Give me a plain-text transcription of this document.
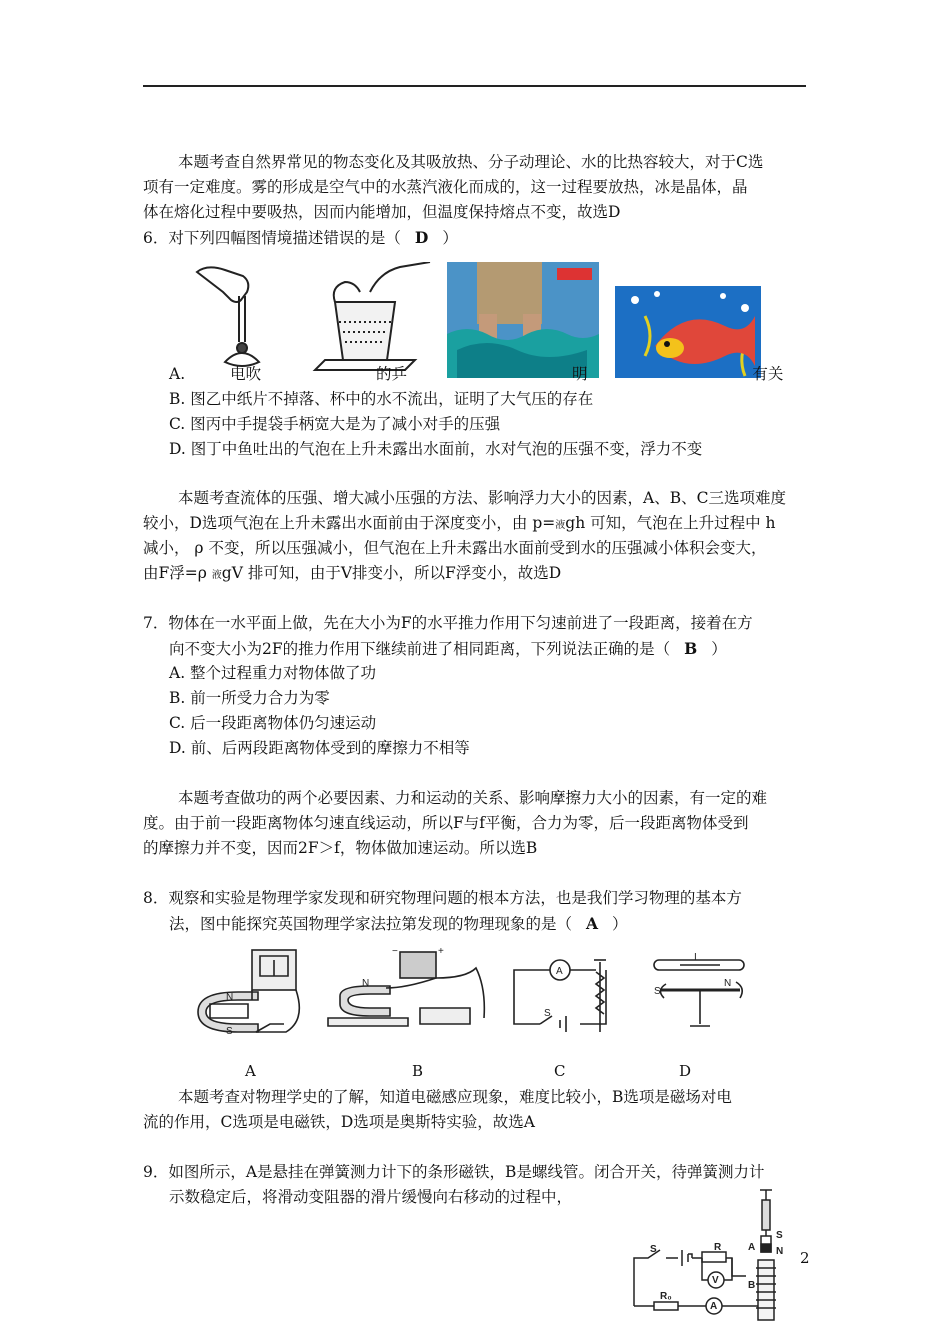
本题考查自然界常见的物态变化及其吸放热、分子动理论、水的比热容较大，对于C选
项有一定难度。雾的形成是空气中的水蒸汽液化而成的，这一过程要放热，冰是晶体，晶
体在熔化过程中要吸热，因而内能增加，但温度保持熔点不变，故选D
6．对下列四幅图情境描述错误的是（ D ）
A.	电吹	的乒	明	有关
B. 图乙中纸片不掉落、杯中的水不流出，证明了大气压的存在
C. 图丙中手提袋手柄宽大是为了减小对手的压强
D. 图丁中鱼吐出的气泡在上升未露出水面前，水对气泡的压强不变，浮力不变
本题考查流体的压强、增大减小压强的方法、影响浮力大小的因素，A、B、C三选项难度
较小，D选项气泡在上升未露出水面前由于深度变小，由 p=液gh 可知，气泡在上升过程中 h
减小， ρ 不变，所以压强减小，但气泡在上升未露出水面前受到水的压强减小体积会变大，
由F浮=ρ 液gV 排可知，由于V排变小，所以F浮变小，故选D
7．物体在一水平面上做，先在大小为F的水平推力作用下匀速前进了一段距离，接着在方
向不变大小为2F的推力作用下继续前进了相同距离，下列说法正确的是（ B ）
A. 整个过程重力对物体做了功
B. 前一所受力合力为零
C. 后一段距离物体仍匀速运动
D. 前、后两段距离物体受到的摩擦力不相等
本题考查做功的两个必要因素、力和运动的关系、影响摩擦力大小的因素，有一定的难
度。由于前一段距离物体匀速直线运动，所以F与f平衡，合力为零，后一段距离物体受到
的摩擦力并不变，因而2F＞f，物体做加速运动。所以选B
8．观察和实验是物理学家发现和研究物理问题的根本方法，也是我们学习物理的基本方
法，图中能探究英国物理学家法拉第发现的物理现象的是（ A ）
N
S
−	+
N
A
S
I
S
N
A	B	C	D
本题考查对物理学史的了解，知道电磁感应现象，难度比较小，B选项是磁场对电
流的作用，C选项是电磁铁，D选项是奥斯特实验，故选A
9．如图所示，A是悬挂在弹簧测力计下的条形磁铁，B是螺线管。闭合开关，待弹簧测力计
示数稳定后，将滑动变阻器的滑片缓慢向右移动的过程中，
S	R
V
R₀
A
S
A N
B
2
